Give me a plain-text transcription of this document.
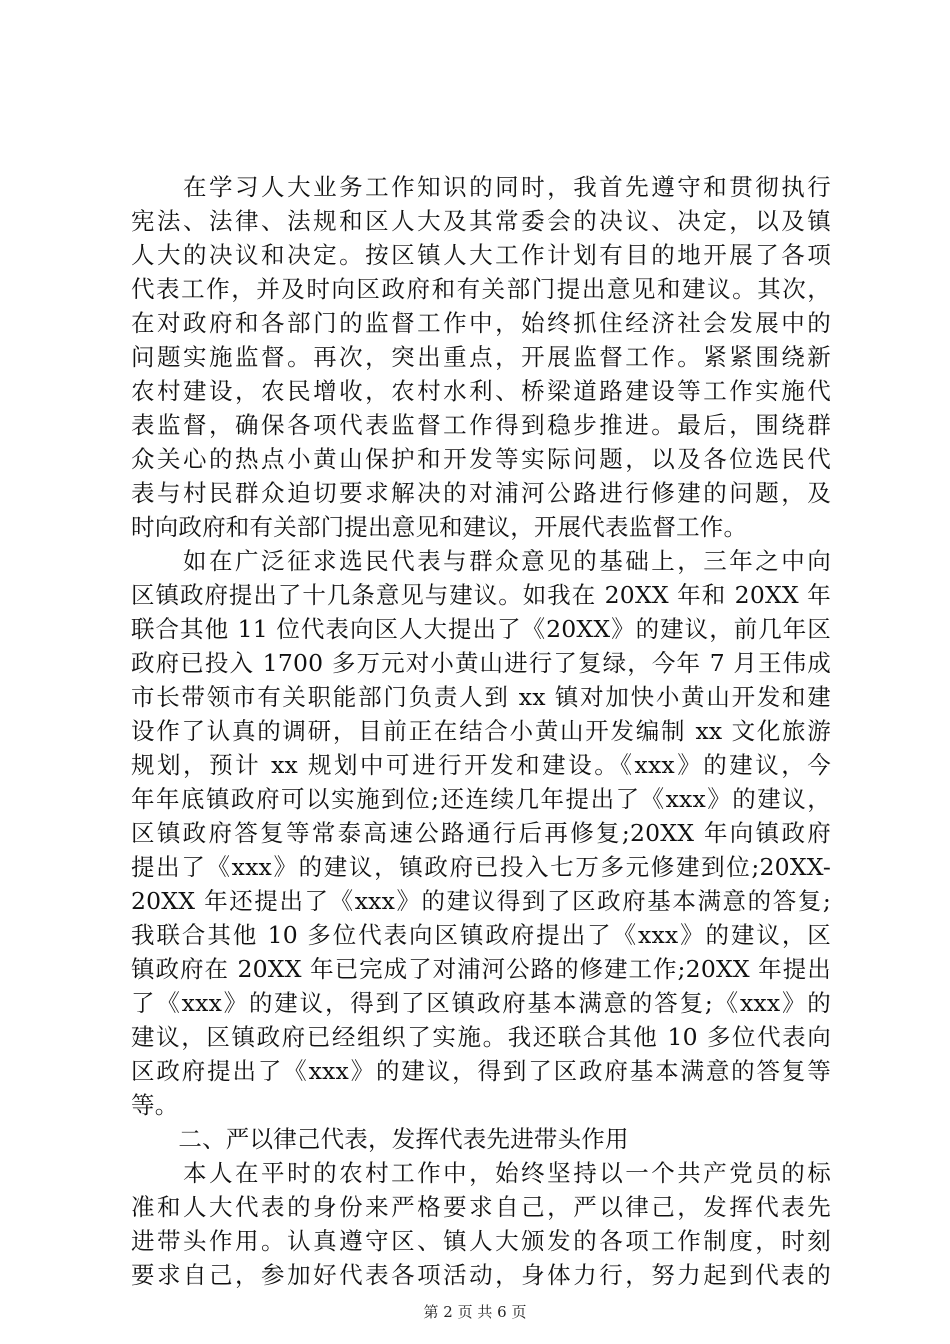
　　在学习人大业务工作知识的同时，我首先遵守和贯彻执行
宪法、法律、法规和区人大及其常委会的决议、决定，以及镇
人大的决议和决定。按区镇人大工作计划有目的地开展了各项
代表工作，并及时向区政府和有关部门提出意见和建议。其次，
在对政府和各部门的监督工作中，始终抓住经济社会发展中的
问题实施监督。再次，突出重点，开展监督工作。紧紧围绕新
农村建设，农民增收，农村水利、桥梁道路建设等工作实施代
表监督，确保各项代表监督工作得到稳步推进。最后，围绕群
众关心的热点小黄山保护和开发等实际问题，以及各位选民代
表与村民群众迫切要求解决的对浦河公路进行修建的问题，及
时向政府和有关部门提出意见和建议，开展代表监督工作。
　　如在广泛征求选民代表与群众意见的基础上，三年之中向
区镇政府提出了十几条意见与建议。如我在 20XX 年和 20XX 年
联合其他 11 位代表向区人大提出了《20XX》的建议，前几年区
政府已投入 1700 多万元对小黄山进行了复绿，今年 7 月王伟成
市长带领市有关职能部门负责人到 xx 镇对加快小黄山开发和建
设作了认真的调研，目前正在结合小黄山开发编制 xx 文化旅游
规划，预计 xx 规划中可进行开发和建设。《xxx》的建议，今
年年底镇政府可以实施到位;还连续几年提出了《xxx》的建议，
区镇政府答复等常泰高速公路通行后再修复;20XX 年向镇政府
提出了《xxx》的建议，镇政府已投入七万多元修建到位;20XX-
20XX 年还提出了《xxx》的建议得到了区政府基本满意的答复;
我联合其他 10 多位代表向区镇政府提出了《xxx》的建议，区
镇政府在 20XX 年已完成了对浦河公路的修建工作;20XX 年提出
了《xxx》的建议，得到了区镇政府基本满意的答复;《xxx》的
建议，区镇政府已经组织了实施。我还联合其他 10 多位代表向
区政府提出了《xxx》的建议，得到了区政府基本满意的答复等
等。
　　二、严以律己代表，发挥代表先进带头作用
　　本人在平时的农村工作中，始终坚持以一个共产党员的标
准和人大代表的身份来严格要求自己，严以律己，发挥代表先
进带头作用。认真遵守区、镇人大颁发的各项工作制度，时刻
要求自己，参加好代表各项活动，身体力行，努力起到代表的
第 2 页 共 6 页
